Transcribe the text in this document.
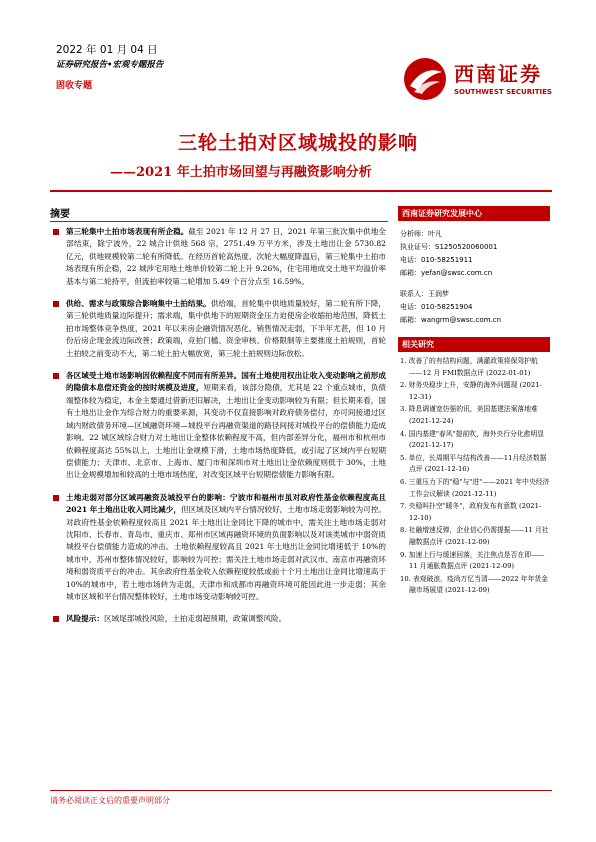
2022 年 01 月 04 日
证券研究报告•宏观专题报告
固收专题	西南证券
SOUTHWEST SECURITIES
三轮土拍对区域城投的影响
——2021 年土拍市场回望与再融资影响分析
摘要

第三轮集中土拍市场表现有所企稳。截至 2021 年 12 月 27 日，2021 年第三批次集中供地全部结束，除宁波外，22 城合计供地 568 宗，2751.49 万平方米，涉及土地出让金 5730.82 亿元，供地规模较第二轮有所降低。在经历首轮高热度、次轮大幅度降温后，第三轮集中土拍市场表现有所企稳，22 城涉宅用地土地单价较第二轮上升 9.26%，住宅用地成交土地平均溢价率基本与第二轮持平，但流拍率较第二轮增加 5.49 个百分点至 16.59%。

供给、需求与政策综合影响集中土拍结果。供给端，首轮集中供地质量较好，第二轮有所下降，第三轮供地质量边际提升；需求端，集中供地下的短期资金压力迫使房企收缩拍地范围，降低土拍市场整体竞争热度，2021 年以来房企融资情况恶化、销售情况走弱，下半年尤甚，但 10 月份后房企现金流边际改善；政策端，竞拍门槛、资金审核、价格限制等主要推度土拍规则，首轮土拍较之前变动不大，第二轮土拍大幅放宽，第三轮土拍规则边际放松。

各区域受土地市场影响因依赖程度不同而有所差异。国有土地使用权出让收入变动影响之前形成的隐债本息偿还资金的按时规模及进度，短期来看，该部分隐债，尤其是 22 个重点城市，负债端整体较为稳定，本金主要通过借新还旧解决，土地出让金变动影响较为有限；但长期来看，国有土地出让金作为综合财力的重要来源，其变动不仅直接影响对政府债务偿付，亦可间接通过区域内财政债务环境—区域融资环境—城投平台再融资渠道的路径间接对城投平台的偿债能力造成影响。22 城区域综合财力对土地出让金整体依赖程度不高，但内部差异分化，福州市和杭州市依赖程度高达 55%以上，土地出让金规模下滑，土地市场热度降低，或引起了区域内平台短期偿债能力；天津市、北京市、上海市、厦门市和深圳市对土地出让金依赖度则低于 30%，土地出让金规模增加和较高的土地市场热度，对改变区域平台短期偿债能力影响有限。

土地走弱对部分区域再融资及城投平台的影响：宁波市和福州市虽对政府性基金依赖程度高且 2021 年土地出让收入同比减少，但区域及区域内平台情况较好，土地市场走弱影响较为可控。对政府性基金依赖程度较高且 2021 年土地出让金同比下降的城市中，需关注土地市场走弱对沈阳市、长春市、青岛市、重庆市、郑州市区域再融资环境的负面影响以及对该类城市中弱资质城投平台偿债能力造成的冲击。土地依赖程度较高且 2021 年土地出让金同比增速低于 10%的城市中，苏州市整体情况较好，影响较为可控；需关注土地市场走弱对武汉市、南京市再融资环境和弱资质平台的冲击。其余政府性基金收入依赖程度较低或前十个月土地出让金同比增速高于 10%的城市中，若土地市场转为走弱，天津市和成都市再融资环境可能因此进一步走弱；其余城市区域和平台情况整体较好，土地市场变动影响较可控。

风险提示：区域尾部城投风险，土拍走弱超预期，政策调整风险。

西南证券研究发展中心
分析师：叶凡
执业证号：S1250520060001
电话：010-58251911
邮箱：yefan@swsc.com.cn
联系人：王润梦
电话：010-58251904
邮箱：wangrm@swsc.com.cn
相关研究
1. 改善了的有结构问题，满灌政策将保驾护航——12 月 FMI数据点评 (2022-01-01)
2. 财务央稳步上升，安静的海外问题现 (2021-12-31)
3. 降息调谨宽仿强的讯，美国基建法案落地难 (2021-12-24)
4. 国内基建"春风"提前吹，海外央行分化愈明显 (2021-12-17)
5. 单位，长周期平与结构改善——11月经济数据点评 (2021-12-16)
6. 三重压力下的"稳"与"进"——2021 年中央经济工作会议解读 (2021-12-11)
7. 央稳叫扑空"暖冬"，政府发布有意数 (2021-12-10)
8. 社融增速反弹，企业信心仍需提振——11 月社融数据点评 (2021-12-09)
9. 加速上行与缓速回落，关注焦点是否在即——11 月通胀数据点评 (2021-12-09)
10. 表观破浪，疫尚万忆当清——2022 年年货金融市场展望 (2021-12-09)
请务必阅读正文后的重要声明部分
